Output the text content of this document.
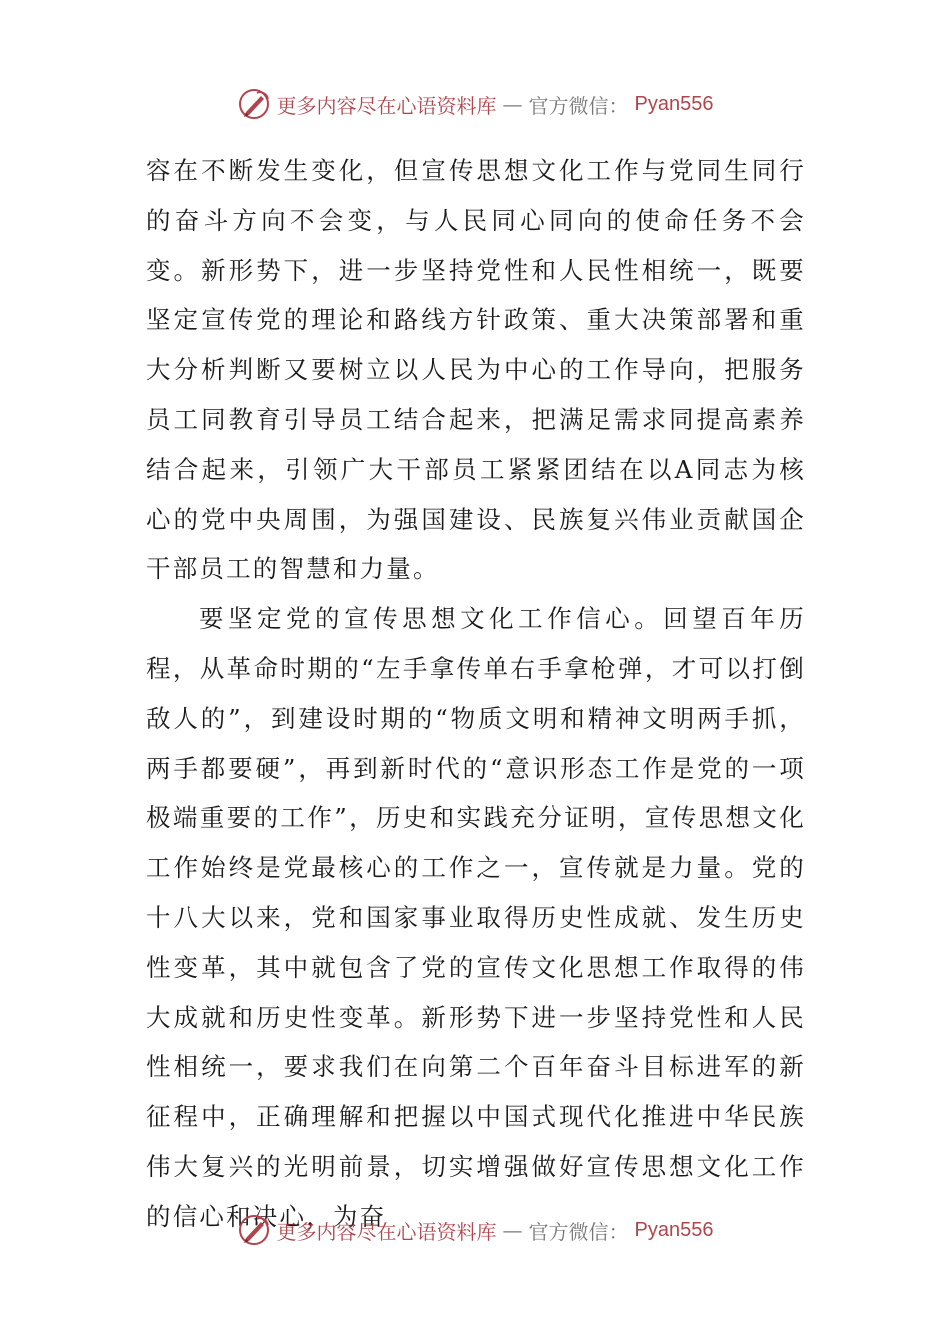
更多内容尽在心语资料库 — 官方微信： Pyan556

容在不断发生变化，但宣传思想文化工作与党同生同行的奋斗方向不会变，与人民同心同向的使命任务不会变。新形势下，进一步坚持党性和人民性相统一，既要坚定宣传党的理论和路线方针政策、重大决策部署和重大分析判断又要树立以人民为中心的工作导向，把服务员工同教育引导员工结合起来，把满足需求同提高素养结合起来，引领广大干部员工紧紧团结在以A同志为核心的党中央周围，为强国建设、民族复兴伟业贡献国企干部员工的智慧和力量。

要坚定党的宣传思想文化工作信心。回望百年历程，从革命时期的“左手拿传单右手拿枪弹，才可以打倒敌人的”，到建设时期的“物质文明和精神文明两手抓，两手都要硬”，再到新时代的“意识形态工作是党的一项极端重要的工作”，历史和实践充分证明，宣传思想文化工作始终是党最核心的工作之一，宣传就是力量。党的十八大以来，党和国家事业取得历史性成就、发生历史性变革，其中就包含了党的宣传文化思想工作取得的伟大成就和历史性变革。新形势下进一步坚持党性和人民性相统一，要求我们在向第二个百年奋斗目标进军的新征程中，正确理解和把握以中国式现代化推进中华民族伟大复兴的光明前景，切实增强做好宣传思想文化工作的信心和决心，为奋

更多内容尽在心语资料库 — 官方微信： Pyan556
